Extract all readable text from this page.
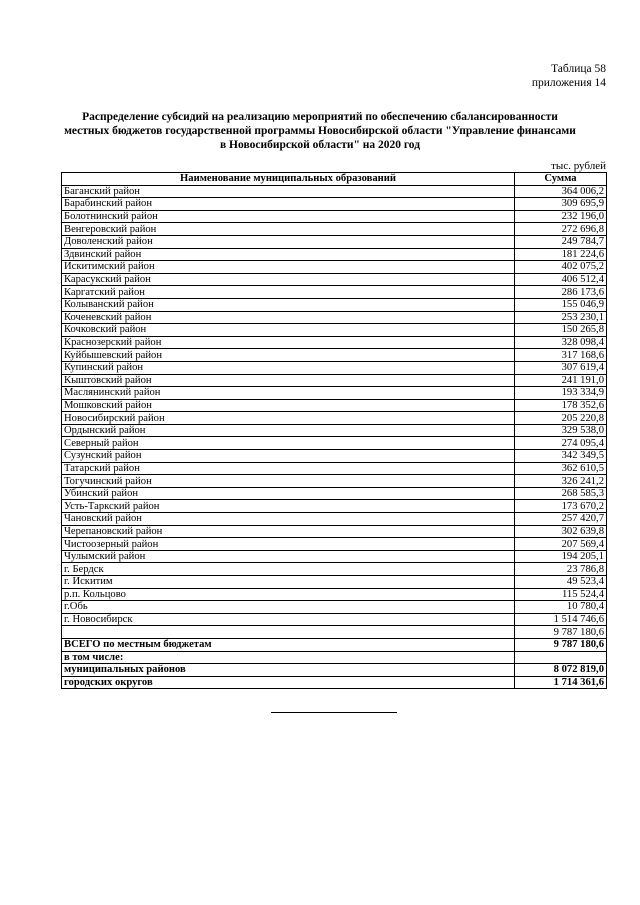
Таблица 58
приложения 14
Распределение субсидий на реализацию мероприятий по обеспечению сбалансированности местных бюджетов государственной программы Новосибирской области "Управление финансами в Новосибирской области" на 2020 год
тыс. рублей
Наименование муниципальных образований	Сумма
Баганский район	364 006,2
Барабинский район	309 695,9
Болотнинский район	232 196,0
Венгеровский район	272 696,8
Доволенский район	249 784,7
Здвинский район	181 224,6
Искитимский район	402 075,2
Карасукский район	406 512,4
Каргатский район	286 173,6
Колыванский район	155 046,9
Коченевский район	253 230,1
Кочковский район	150 265,8
Краснозерский район	328 098,4
Куйбышевский район	317 168,6
Купинский район	307 619,4
Кыштовский район	241 191,0
Маслянинский район	193 334,9
Мошковский район	178 352,6
Новосибирский район	205 220,8
Ордынский район	329 538,0
Северный район	274 095,4
Сузунский район	342 349,5
Татарский район	362 610,5
Тогучинский район	326 241,2
Убинский район	268 585,3
Усть-Таркский район	173 670,2
Чановский район	257 420,7
Черепановский район	302 639,8
Чистоозерный район	207 569,4
Чулымский район	194 205,1
г. Бердск	23 786,8
г. Искитим	49 523,4
р.п. Кольцово	115 524,4
г.Обь	10 780,4
г. Новосибирск	1 514 746,6
	9 787 180,6
ВСЕГО по местным бюджетам	9 787 180,6
в том числе:	
муниципальных районов	8 072 819,0
городских округов	1 714 361,6
